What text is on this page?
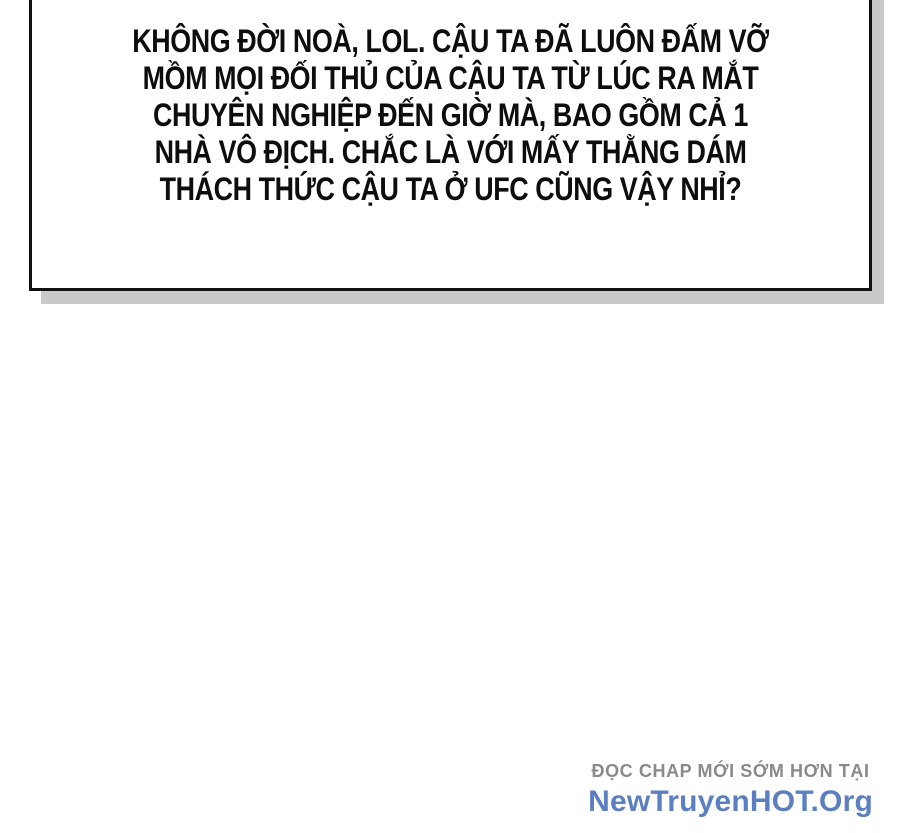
KHÔNG ĐỜI NOÀ, LOL. CẬU TA ĐÃ LUÔN ĐẤM VỠ
MỒM MỌI ĐỐI THỦ CỦA CẬU TA TỪ LÚC RA MẮT
CHUYÊN NGHIỆP ĐẾN GIỜ MÀ, BAO GỒM CẢ 1
NHÀ VÔ ĐỊCH. CHẮC LÀ VỚI MẤY THẰNG DÁM
THÁCH THỨC CẬU TA Ở UFC CŨNG VẬY NHỈ?
ĐỌC CHAP MỚI SỚM HƠN TẠI
NewTruyenHOT.Org
